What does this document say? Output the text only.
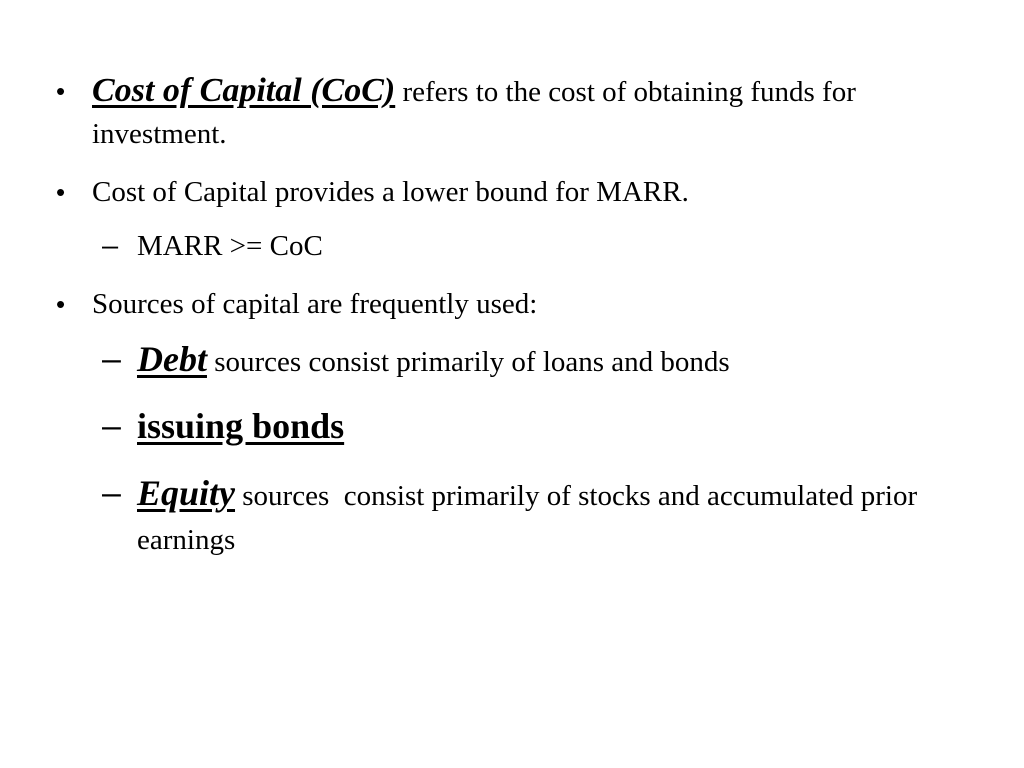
• Cost of Capital (CoC) refers to the cost of obtaining funds for investment.
• Cost of Capital provides a lower bound for MARR.
– MARR >= CoC
• Sources of capital are frequently used:
– Debt sources consist primarily of loans and bonds
– issuing bonds
– Equity sources  consist primarily of stocks and accumulated prior earnings
